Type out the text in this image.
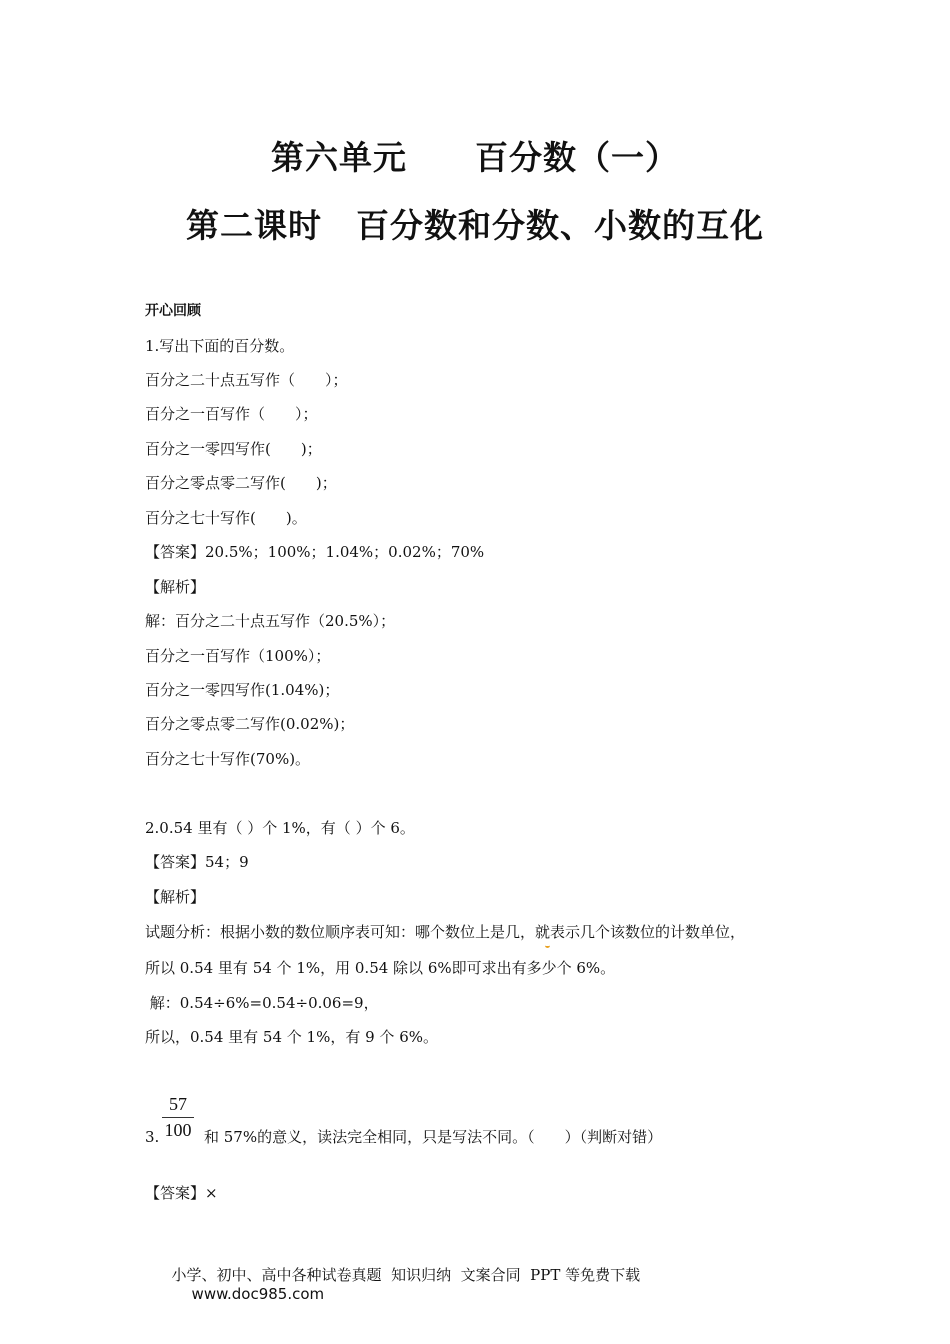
第六单元　　百分数（一）
第二课时　百分数和分数、小数的互化
开心回顾
1.写出下面的百分数。
百分之二十点五写作（　　）；
百分之一百写作（　　）；
百分之一零四写作(　　)；
百分之零点零二写作(　　)；
百分之七十写作(　　)。
【答案】20.5%；100%；1.04%；0.02%；70%
【解析】
解：百分之二十点五写作（20.5%）；
百分之一百写作（100%）；
百分之一零四写作(1.04%)；
百分之零点零二写作(0.02%)；
百分之七十写作(70%)。
2.0.54 里有（ ）个 1%，有（ ）个 6。
【答案】54；9
【解析】
试题分析：根据小数的数位顺序表可知：哪个数位上是几，就表示几个该数位的计数单位，
所以 0.54 里有 54 个 1%，用 0.54 除以 6%即可求出有多少个 6%。
解：0.54÷6%=0.54÷0.06=9，
所以，0.54 里有 54 个 1%，有 9 个 6%。
3.
57
100 和 57%的意义，读法完全相同，只是写法不同。（　　）（判断对错）
【答案】×

小学、初中、高中各种试卷真题  知识归纳  文案合同  PPT 等免费下载
www.doc985.com
